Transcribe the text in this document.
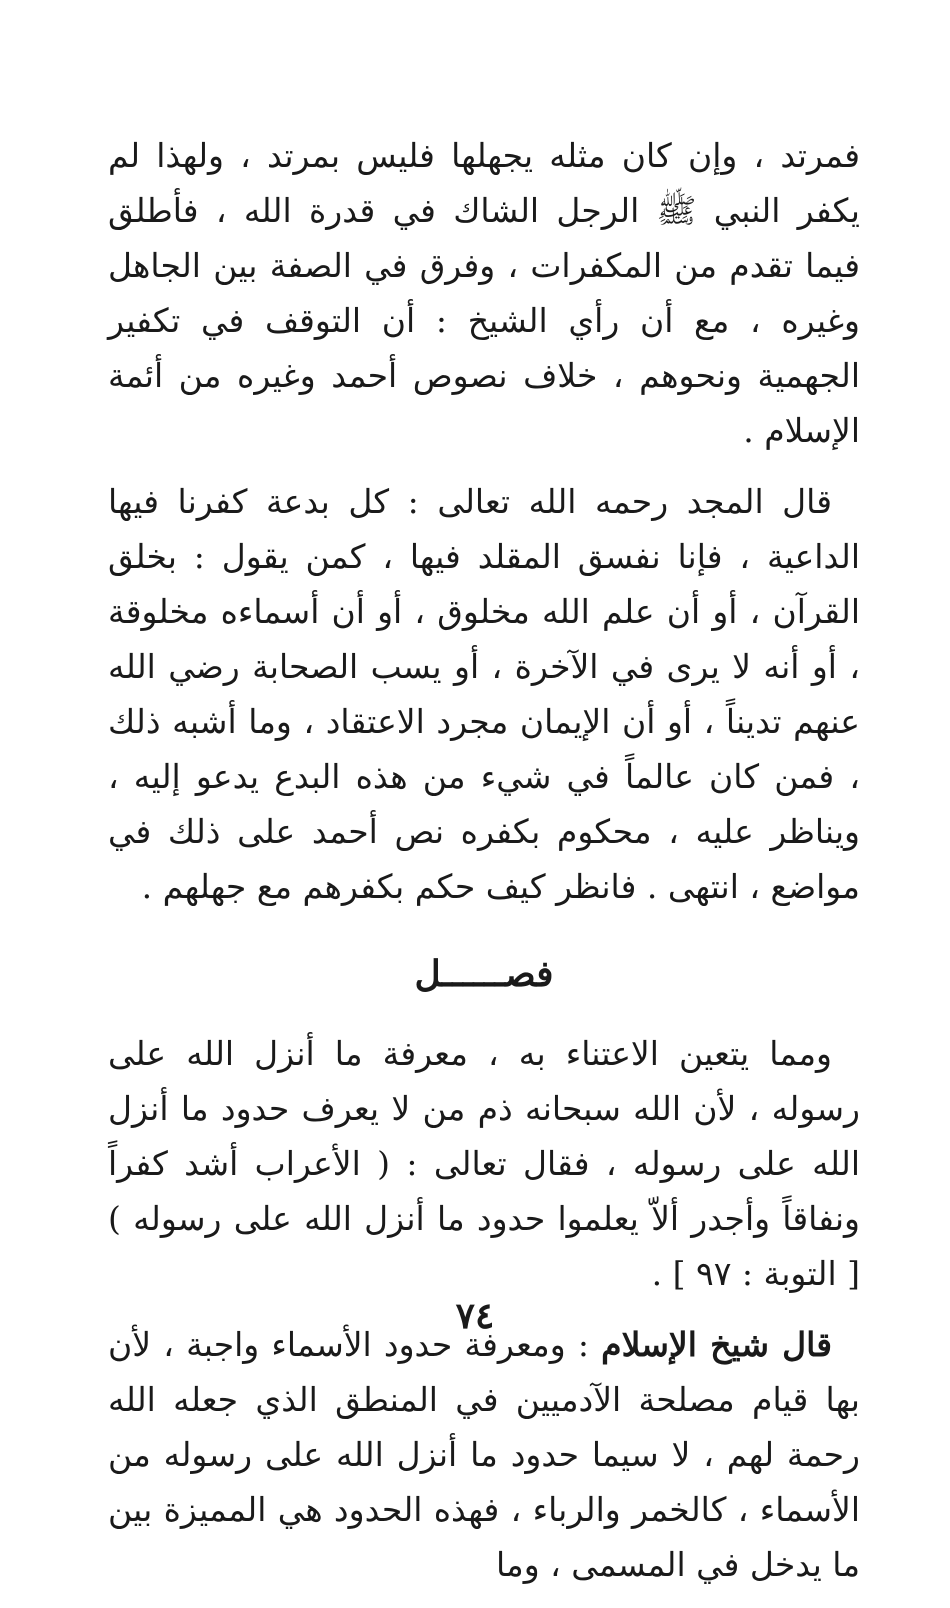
فمرتد ، وإن كان مثله يجهلها فليس بمرتد ، ولهذا لم يكفر النبي ﷺ الرجل الشاك في قدرة الله ، فأطلق فيما تقدم من المكفرات ، وفرق في الصفة بين الجاهل وغيره ، مع أن رأي الشيخ : أن التوقف في تكفير الجهمية ونحوهم ، خلاف نصوص أحمد وغيره من أئمة الإسلام .

قال المجد رحمه الله تعالى : كل بدعة كفرنا فيها الداعية ، فإنا نفسق المقلد فيها ، كمن يقول : بخلق القرآن ، أو أن علم الله مخلوق ، أو أن أسماءه مخلوقة ، أو أنه لا يرى في الآخرة ، أو يسب الصحابة رضي الله عنهم تديناً ، أو أن الإيمان مجرد الاعتقاد ، وما أشبه ذلك ، فمن كان عالماً في شيء من هذه البدع يدعو إليه ، ويناظر عليه ، محكوم بكفره نص أحمد على ذلك في مواضع ، انتهى . فانظر كيف حكم بكفرهم مع جهلهم .

فصــــــل

ومما يتعين الاعتناء به ، معرفة ما أنزل الله على رسوله ، لأن الله سبحانه ذم من لا يعرف حدود ما أنزل الله على رسوله ، فقال تعالى : ( الأعراب أشد كفراً ونفاقاً وأجدر ألاّ يعلموا حدود ما أنزل الله على رسوله ) [ التوبة : ٩٧ ] .

قال شيخ الإسلام : ومعرفة حدود الأسماء واجبة ، لأن بها قيام مصلحة الآدميين في المنطق الذي جعله الله رحمة لهم ، لا سيما حدود ما أنزل الله على رسوله من الأسماء ، كالخمر والرباء ، فهذه الحدود هي المميزة بين ما يدخل في المسمى ، وما

٧٤
